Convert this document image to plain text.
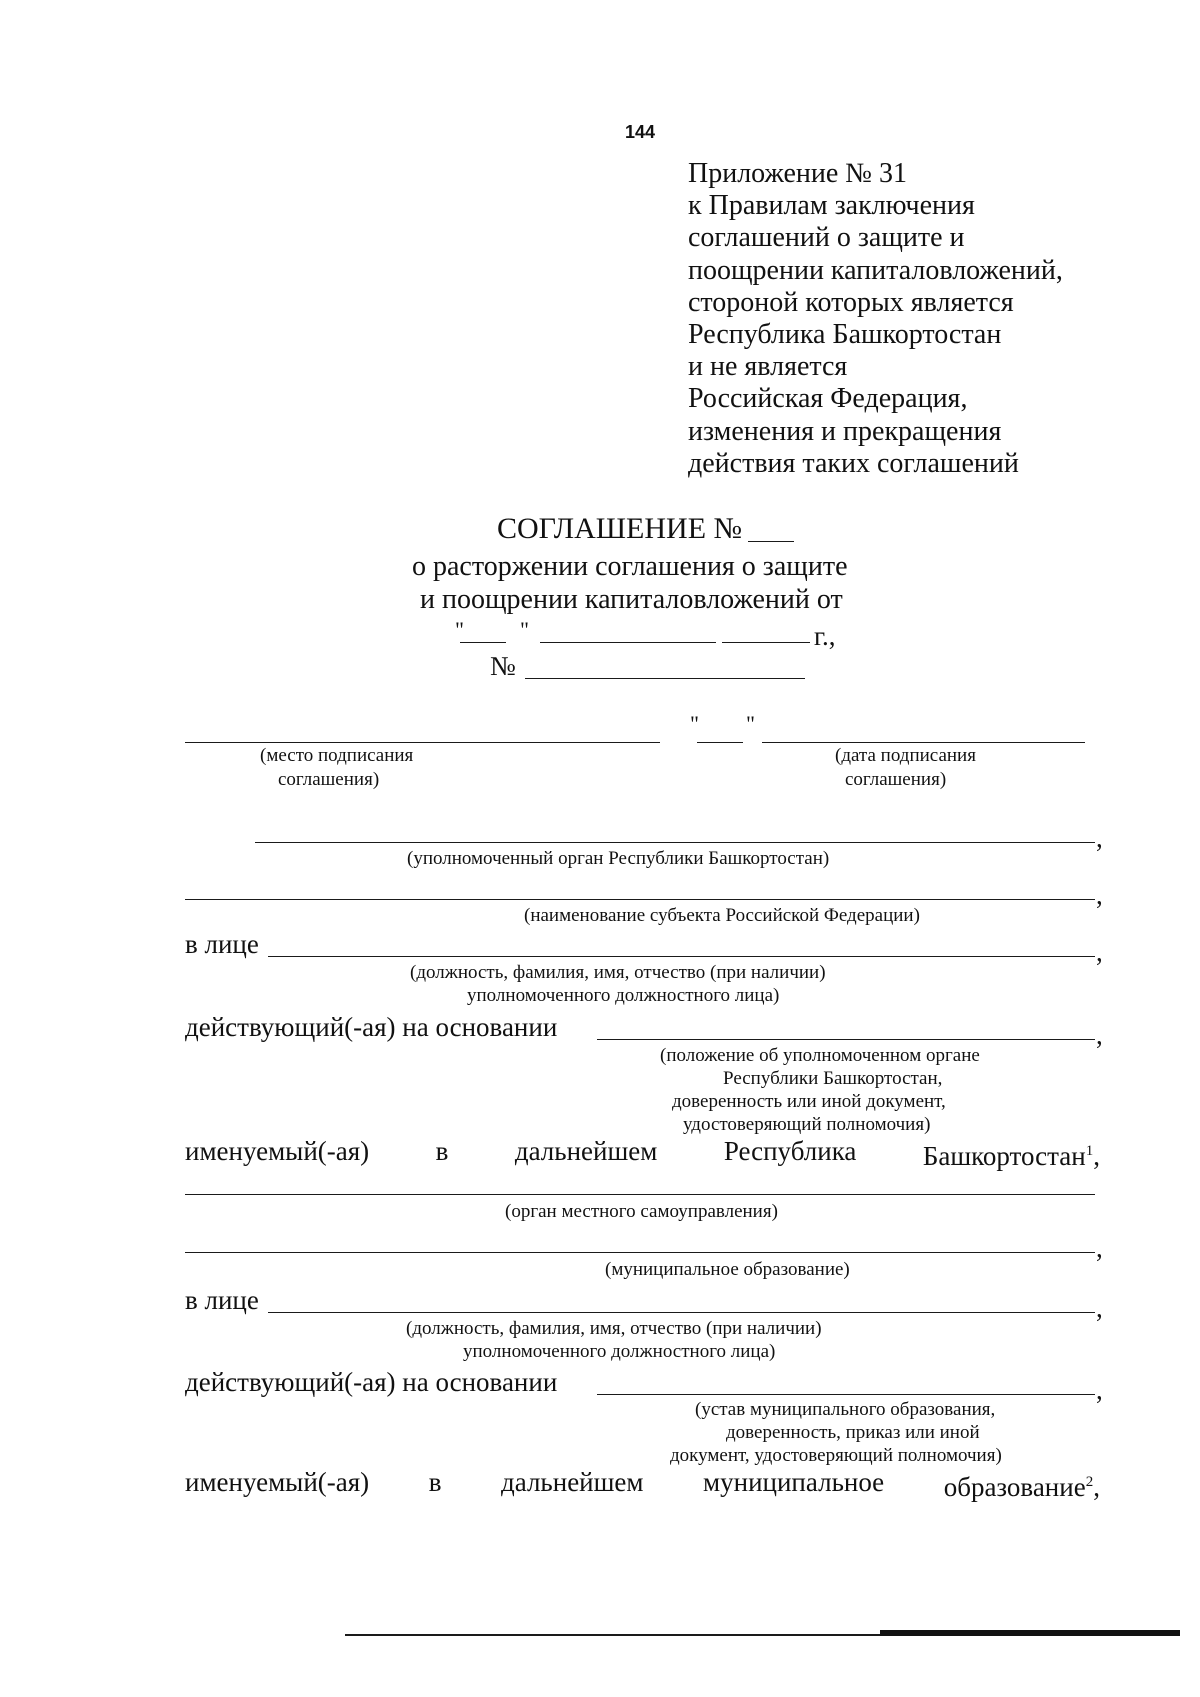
144
Приложение № 31
к Правилам заключения
соглашений о защите и
поощрении капиталовложений,
стороной которых является
Республика Башкортостан
и не является
Российская Федерация,
изменения и прекращения
действия таких соглашений
СОГЛАШЕНИЕ №
о расторжении соглашения о защите
и поощрении капиталовложений от
"	"	г.,
№
" "
(место подписания
соглашения)
(дата подписания
соглашения)
,
(уполномоченный орган Республики Башкортостан)
,
(наименование субъекта Российской Федерации)
в лице	,
(должность, фамилия, имя, отчество (при наличии)
уполномоченного должностного лица)
действующий(-ая) на основании	,
(положение об уполномоченном органе
Республики Башкортостан,
доверенность или иной документ,
удостоверяющий полномочия)
именуемый(-ая) в дальнейшем Республика Башкортостан$^1$,
(орган местного самоуправления)
,
(муниципальное образование)
в лице	,
(должность, фамилия, имя, отчество (при наличии)
уполномоченного должностного лица)
действующий(-ая) на основании	,
(устав муниципального образования,
доверенность, приказ или иной
документ, удостоверяющий полномочия)
именуемый(-ая) в дальнейшем муниципальное образование$^2$,
